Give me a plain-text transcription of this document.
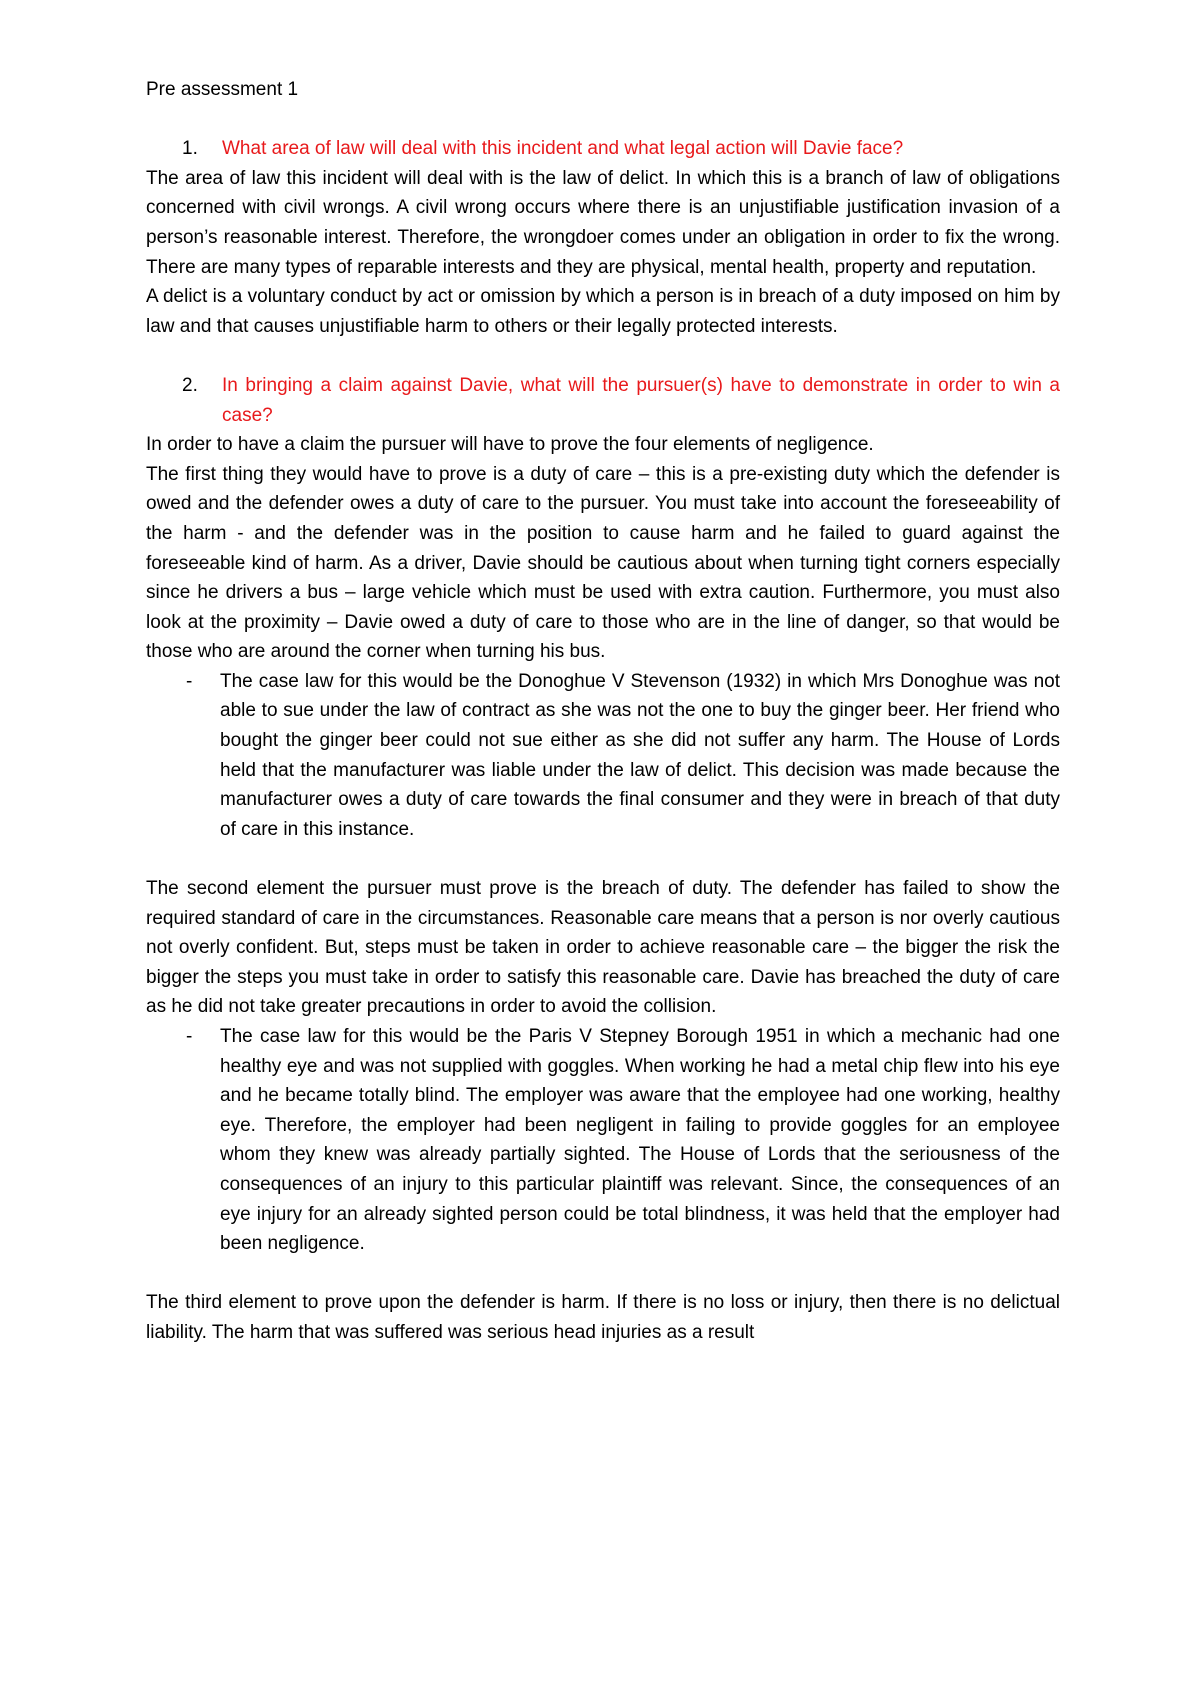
Pre assessment 1
1.	What area of law will deal with this incident and what legal action will Davie face?

The area of law this incident will deal with is the law of delict. In which this is a branch of law of obligations concerned with civil wrongs. A civil wrong occurs where there is an unjustifiable justification invasion of a person’s reasonable interest. Therefore, the wrongdoer comes under an obligation in order to fix the wrong. There are many types of reparable interests and they are physical, mental health, property and reputation.

A delict is a voluntary conduct by act or omission by which a person is in breach of a duty imposed on him by law and that causes unjustifiable harm to others or their legally protected interests.

2.	In bringing a claim against Davie, what will the pursuer(s) have to demonstrate in order to win a case?

In order to have a claim the pursuer will have to prove the four elements of negligence.

The first thing they would have to prove is a duty of care – this is a pre-existing duty which the defender is owed and the defender owes a duty of care to the pursuer. You must take into account the foreseeability of the harm - and the defender was in the position to cause harm and he failed to guard against the foreseeable kind of harm. As a driver, Davie should be cautious about when turning tight corners especially since he drivers a bus – large vehicle which must be used with extra caution. Furthermore, you must also look at the proximity – Davie owed a duty of care to those who are in the line of danger, so that would be those who are around the corner when turning his bus.

-	The case law for this would be the Donoghue V Stevenson (1932) in which Mrs Donoghue was not able to sue under the law of contract as she was not the one to buy the ginger beer. Her friend who bought the ginger beer could not sue either as she did not suffer any harm. The House of Lords held that the manufacturer was liable under the law of delict. This decision was made because the manufacturer owes a duty of care towards the final consumer and they were in breach of that duty of care in this instance.

The second element the pursuer must prove is the breach of duty. The defender has failed to show the required standard of care in the circumstances. Reasonable care means that a person is nor overly cautious not overly confident. But, steps must be taken in order to achieve reasonable care – the bigger the risk the bigger the steps you must take in order to satisfy this reasonable care. Davie has breached the duty of care as he did not take greater precautions in order to avoid the collision.

-	The case law for this would be the Paris V Stepney Borough 1951 in which a mechanic had one healthy eye and was not supplied with goggles. When working he had a metal chip flew into his eye and he became totally blind. The employer was aware that the employee had one working, healthy eye. Therefore, the employer had been negligent in failing to provide goggles for an employee whom they knew was already partially sighted. The House of Lords that the seriousness of the consequences of an injury to this particular plaintiff was relevant. Since, the consequences of an eye injury for an already sighted person could be total blindness, it was held that the employer had been negligence.

The third element to prove upon the defender is harm. If there is no loss or injury, then there is no delictual liability. The harm that was suffered was serious head injuries as a result
